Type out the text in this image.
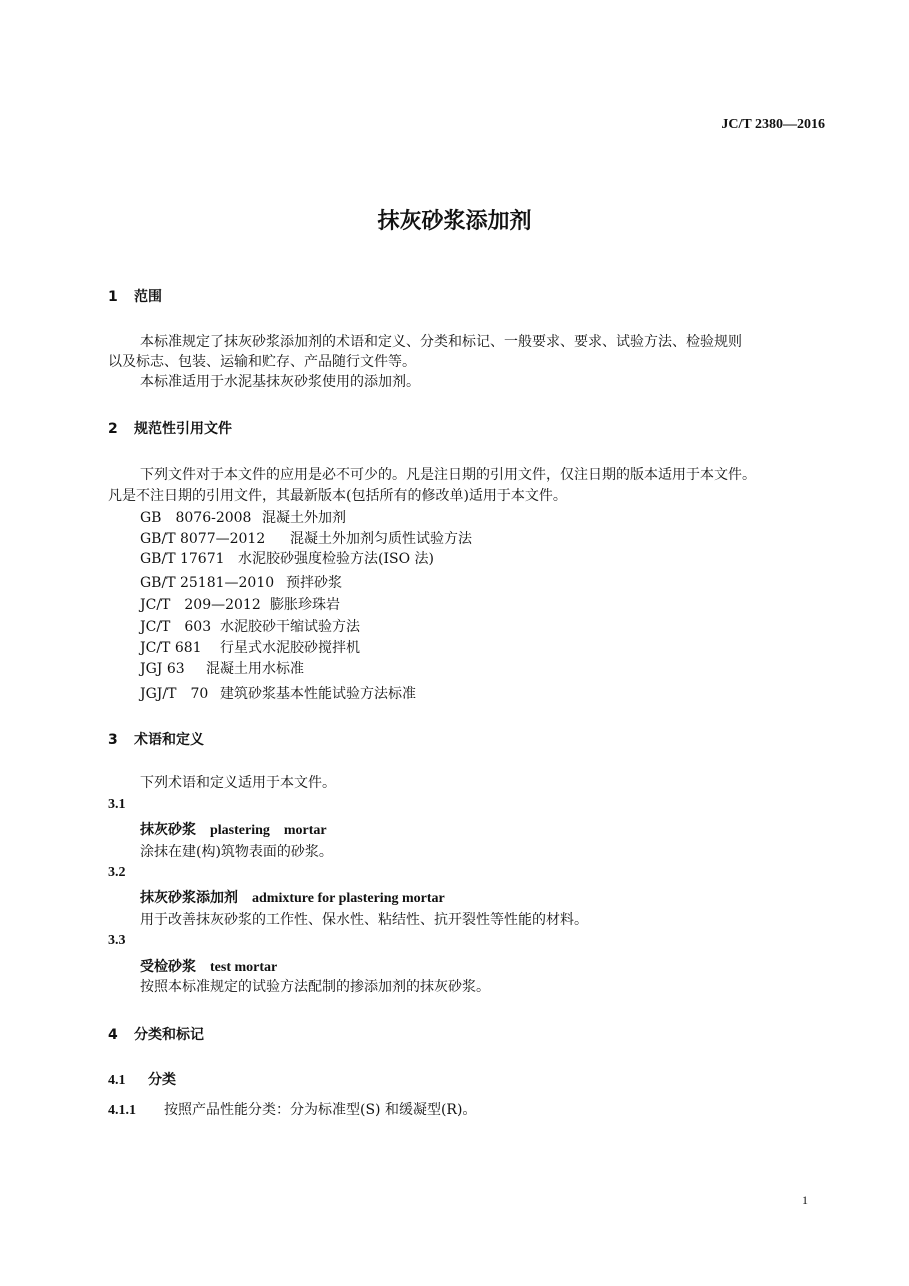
JC/T 2380—2016
抹灰砂浆添加剂
1 范围
本标准规定了抹灰砂浆添加剂的术语和定义、分类和标记、一般要求、要求、试验方法、检验规则
以及标志、包装、运输和贮存、产品随行文件等。
本标准适用于水泥基抹灰砂浆使用的添加剂。
2 规范性引用文件
下列文件对于本文件的应用是必不可少的。凡是注日期的引用文件，仅注日期的版本适用于本文件。
凡是不注日期的引用文件，其最新版本(包括所有的修改单)适用于本文件。
GB　8076-2008 混凝土外加剂
GB/T 8077—2012 混凝土外加剂匀质性试验方法
GB/T 17671 水泥胶砂强度检验方法(ISO 法)
GB/T 25181—2010 预拌砂浆
JC/T　209—2012 膨胀珍珠岩
JC/T　603 水泥胶砂干缩试验方法
JC/T 681 行星式水泥胶砂搅拌机
JGJ 63 混凝土用水标准
JGJ/T　70 建筑砂浆基本性能试验方法标准
3 术语和定义
下列术语和定义适用于本文件。
3.1
抹灰砂浆 plastering　mortar
涂抹在建(构)筑物表面的砂浆。
3.2
抹灰砂浆添加剂 admixture for plastering mortar
用于改善抹灰砂浆的工作性、保水性、粘结性、抗开裂性等性能的材料。
3.3
受检砂浆 test mortar
按照本标准规定的试验方法配制的掺添加剂的抹灰砂浆。
4 分类和标记
4.1 分类
4.1.1 按照产品性能分类：分为标准型(S) 和缓凝型(R)。
1
